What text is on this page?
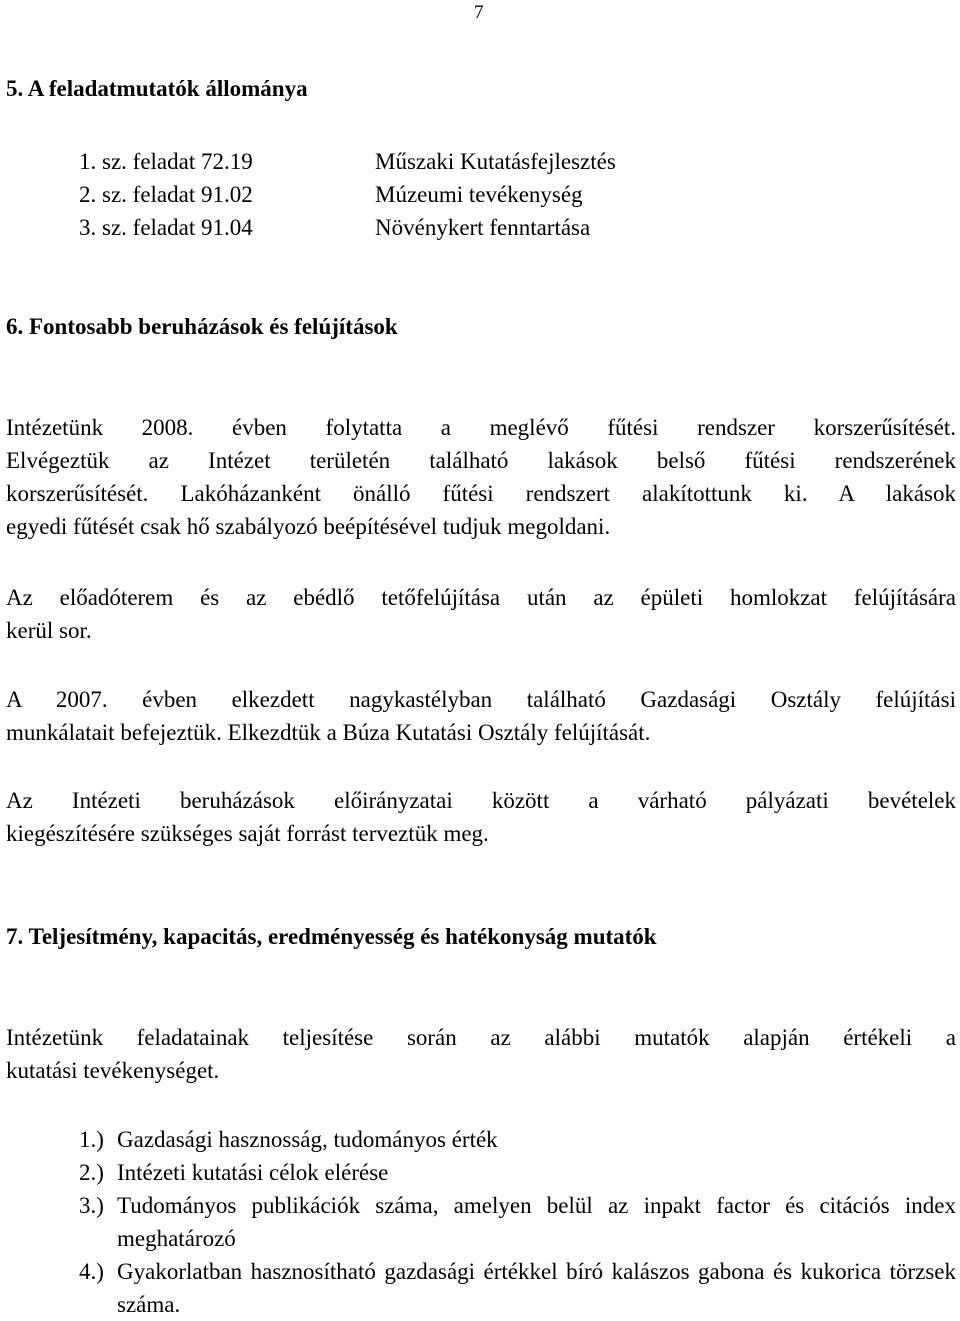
7
5. A feladatmutatók állománya
1. sz. feladat 72.19	Műszaki Kutatásfejlesztés
2. sz. feladat 91.02	Múzeumi tevékenység
3. sz. feladat 91.04	Növénykert fenntartása
6. Fontosabb beruházások és felújítások
Intézetünk 2008. évben folytatta a meglévő fűtési rendszer korszerűsítését.
Elvégeztük az Intézet területén található lakások belső fűtési rendszerének
korszerűsítését. Lakóházanként önálló fűtési rendszert alakítottunk ki. A lakások
egyedi fűtését csak hő szabályozó beépítésével tudjuk megoldani.
Az előadóterem és az ebédlő tetőfelújítása után az épületi homlokzat felújítására
kerül sor.
A 2007. évben elkezdett nagykastélyban található Gazdasági Osztály felújítási
munkálatait befejeztük. Elkezdtük a Búza Kutatási Osztály felújítását.
Az Intézeti beruházások előirányzatai között a várható pályázati bevételek
kiegészítésére szükséges saját forrást terveztük meg.
7. Teljesítmény, kapacitás, eredményesség és hatékonyság mutatók
Intézetünk feladatainak teljesítése során az alábbi mutatók alapján értékeli a
kutatási tevékenységet.
1.) Gazdasági hasznosság, tudományos érték
2.) Intézeti kutatási célok elérése
3.) Tudományos publikációk száma, amelyen belül az inpakt factor és citációs index meghatározó
4.) Gyakorlatban hasznosítható gazdasági értékkel bíró kalászos gabona és kukorica törzsek száma.
